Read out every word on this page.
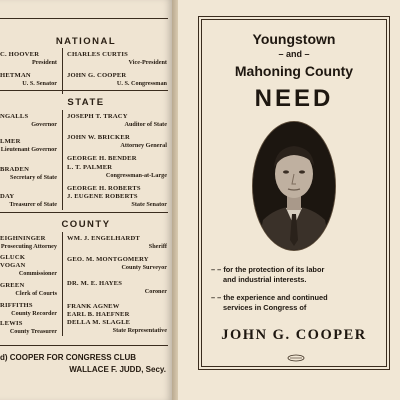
NATIONAL
C. HOOVER
President
CHARLES CURTIS
Vice-President
HETMAN
U. S. Senator
JOHN G. COOPER
U. S. Congressman
STATE
NGALLS
Governor
JOSEPH T. TRACY
Auditor of State
JOHN W. BRICKER
Attorney General
LMER
Lieutenant Governor
GEORGE H. BENDER
BRADEN
Secretary of State
L. T. PALMER
Congressman-at-Large
GEORGE H. ROBERTS
DAY
Treasurer of State
J. EUGENE ROBERTS
State Senator
COUNTY
EIGHNINGER
Prosecuting Attorney
WM. J. ENGELHARDT
Sheriff
GLUCK
VOGAN
Commissioner
GEO. M. MONTGOMERY
County Surveyor
DR. M. E. HAYES
Coroner
GREEN
Clerk of Courts
FRANK AGNEW
RIFFITHS
County Recorder EARL B. HAEFNER
DELLA M. SLAGLE
State Representative
LEWIS
County Treasurer
d) COOPER FOR CONGRESS CLUB
WALLACE F. JUDD, Secy.
Youngstown
– and –
Mahoning County
NEED
– – for the protection of its labor
and industrial interests.
– – the experience and continued
services in Congress of
JOHN G. COOPER
